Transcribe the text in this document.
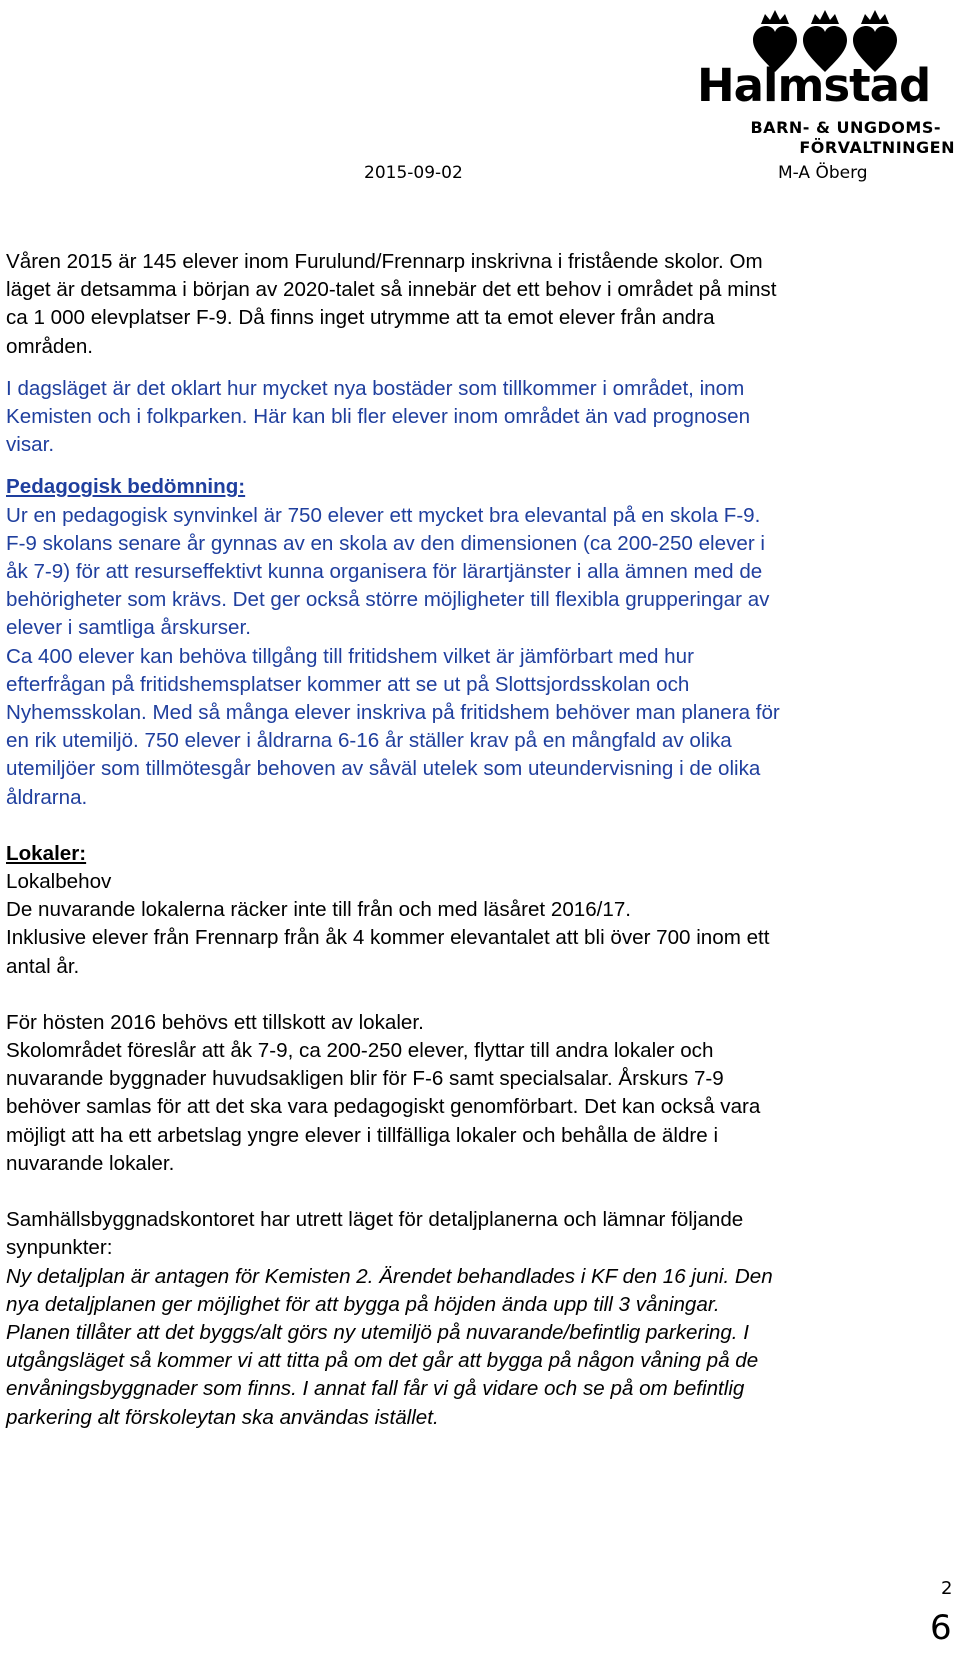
Halmstad
BARN- & UNGDOMS-
FÖRVALTNINGEN
2015-09-02	M-A Öberg

Våren 2015 är 145 elever inom Furulund/Frennarp inskrivna i fristående skolor. Om

läget är detsamma i början av 2020-talet så innebär det ett behov i området på minst

ca 1 000 elevplatser F-9. Då finns inget utrymme att ta emot elever från andra

områden.

I dagsläget är det oklart hur mycket nya bostäder som tillkommer i området, inom

Kemisten och i folkparken. Här kan bli fler elever inom området än vad prognosen

visar.

Pedagogisk bedömning:

Ur en pedagogisk synvinkel är 750 elever ett mycket bra elevantal på en skola F-9.

F-9 skolans senare år gynnas av en skola av den dimensionen (ca 200-250 elever i

åk 7-9) för att resurseffektivt kunna organisera för lärartjänster i alla ämnen med de

behörigheter som krävs. Det ger också större möjligheter till flexibla grupperingar av

elever i samtliga årskurser.

Ca 400 elever kan behöva tillgång till fritidshem vilket är jämförbart med hur

efterfrågan på fritidshemsplatser kommer att se ut på Slottsjordsskolan och

Nyhemsskolan. Med så många elever inskriva på fritidshem behöver man planera för

en rik utemiljö. 750 elever i åldrarna 6-16 år ställer krav på en mångfald av olika

utemiljöer som tillmötesgår behoven av såväl utelek som uteundervisning i de olika

åldrarna.

Lokaler:

Lokalbehov

De nuvarande lokalerna räcker inte till från och med läsåret 2016/17.

Inklusive elever från Frennarp från åk 4 kommer elevantalet att bli över 700 inom ett

antal år.

För hösten 2016 behövs ett tillskott av lokaler.

Skolområdet föreslår att åk 7-9, ca 200-250 elever, flyttar till andra lokaler och

nuvarande byggnader huvudsakligen blir för F-6 samt specialsalar. Årskurs 7-9

behöver samlas för att det ska vara pedagogiskt genomförbart. Det kan också vara

möjligt att ha ett arbetslag yngre elever i tillfälliga lokaler och behålla de äldre i

nuvarande lokaler.

Samhällsbyggnadskontoret har utrett läget för detaljplanerna och lämnar följande

synpunkter:

Ny detaljplan är antagen för Kemisten 2. Ärendet behandlades i KF den 16 juni. Den

nya detaljplanen ger möjlighet för att bygga på höjden ända upp till 3 våningar.

Planen tillåter att det byggs/alt görs ny utemiljö på nuvarande/befintlig parkering. I

utgångsläget så kommer vi att titta på om det går att bygga på någon våning på de

envåningsbyggnader som finns. I annat fall får vi gå vidare och se på om befintlig

parkering alt förskoleytan ska användas istället.

2
6
